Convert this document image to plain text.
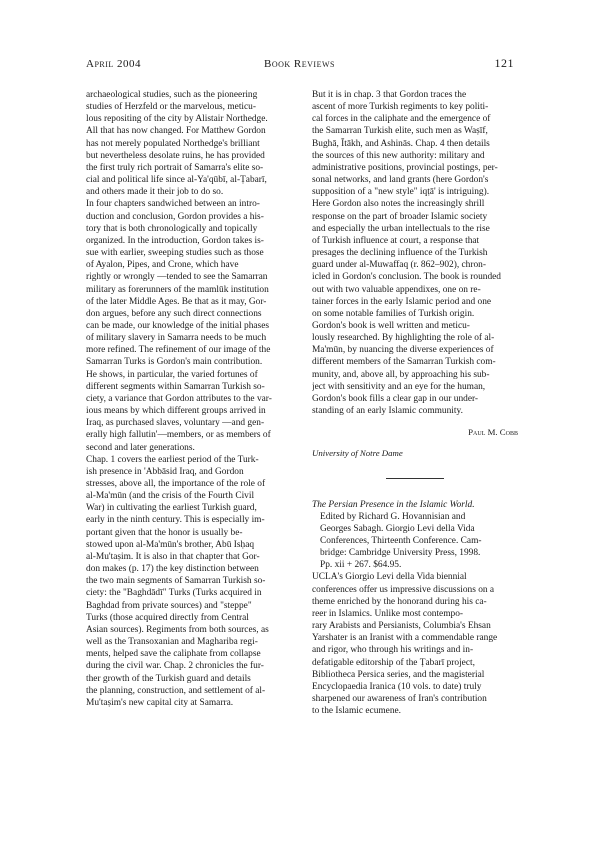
April 2004	Book Reviews	121
archaeological studies, such as the pioneering
studies of Herzfeld or the marvelous, meticu-
lous repositing of the city by Alistair Northedge.
All that has now changed. For Matthew Gordon
has not merely populated Northedge's brilliant
but nevertheless desolate ruins, he has provided
the first truly rich portrait of Samarra's elite so-
cial and political life since al-Ya'qūbī, al-Ṭabarī,
and others made it their job to do so.
In four chapters sandwiched between an intro-
duction and conclusion, Gordon provides a his-
tory that is both chronologically and topically
organized. In the introduction, Gordon takes is-
sue with earlier, sweeping studies such as those
of Ayalon, Pipes, and Crone, which have
rightly or wrongly —tended to see the Samarran
military as forerunners of the mamlūk institution
of the later Middle Ages. Be that as it may, Gor-
don argues, before any such direct connections
can be made, our knowledge of the initial phases
of military slavery in Samarra needs to be much
more refined. The refinement of our image of the
Samarran Turks is Gordon's main contribution.
He shows, in particular, the varied fortunes of
different segments within Samarran Turkish so-
ciety, a variance that Gordon attributes to the var-
ious means by which different groups arrived in
Iraq, as purchased slaves, voluntary —and gen-
erally high fallutin'—members, or as members of
second and later generations.
Chap. 1 covers the earliest period of the Turk-
ish presence in 'Abbāsid Iraq, and Gordon
stresses, above all, the importance of the role of
al-Ma'mūn (and the crisis of the Fourth Civil
War) in cultivating the earliest Turkish guard,
early in the ninth century. This is especially im-
portant given that the honor is usually be-
stowed upon al-Ma'mūn's brother, Abū Isḥaq
al-Mu'taṣim. It is also in that chapter that Gor-
don makes (p. 17) the key distinction between
the two main segments of Samarran Turkish so-
ciety: the "Baghdādī" Turks (Turks acquired in
Baghdad from private sources) and "steppe"
Turks (those acquired directly from Central
Asian sources). Regiments from both sources, as
well as the Transoxanian and Maghariba regi-
ments, helped save the caliphate from collapse
during the civil war. Chap. 2 chronicles the fur-
ther growth of the Turkish guard and details
the planning, construction, and settlement of al-
Mu'taṣim's new capital city at Samarra.
But it is in chap. 3 that Gordon traces the
ascent of more Turkish regiments to key politi-
cal forces in the caliphate and the emergence of
the Samarran Turkish elite, such men as Waṣīf,
Bughā, Ītākh, and Ashinās. Chap. 4 then details
the sources of this new authority: military and
administrative positions, provincial postings, per-
sonal networks, and land grants (here Gordon's
supposition of a "new style" iqṭā' is intriguing).
Here Gordon also notes the increasingly shrill
response on the part of broader Islamic society
and especially the urban intellectuals to the rise
of Turkish influence at court, a response that
presages the declining influence of the Turkish
guard under al-Muwaffaq (r. 862–902), chron-
icled in Gordon's conclusion. The book is rounded
out with two valuable appendixes, one on re-
tainer forces in the early Islamic period and one
on some notable families of Turkish origin.
Gordon's book is well written and meticu-
lously researched. By highlighting the role of al-
Ma'mūn, by nuancing the diverse experiences of
different members of the Samarran Turkish com-
munity, and, above all, by approaching his sub-
ject with sensitivity and an eye for the human,
Gordon's book fills a clear gap in our under-
standing of an early Islamic community.
Paul M. Cobb
University of Notre Dame
The Persian Presence in the Islamic World.
Edited by Richard G. Hovannisian and
Georges Sabagh. Giorgio Levi della Vida
Conferences, Thirteenth Conference. Cam-
bridge: Cambridge University Press, 1998.
Pp. xii + 267. $64.95.
UCLA's Giorgio Levi della Vida biennial
conferences offer us impressive discussions on a
theme enriched by the honorand during his ca-
reer in Islamics. Unlike most contempo-
rary Arabists and Persianists, Columbia's Ehsan
Yarshater is an Iranist with a commendable range
and rigor, who through his writings and in-
defatigable editorship of the Ṭabarī project,
Bibliotheca Persica series, and the magisterial
Encyclopaedia Iranica (10 vols. to date) truly
sharpened our awareness of Iran's contribution
to the Islamic ecumene.
